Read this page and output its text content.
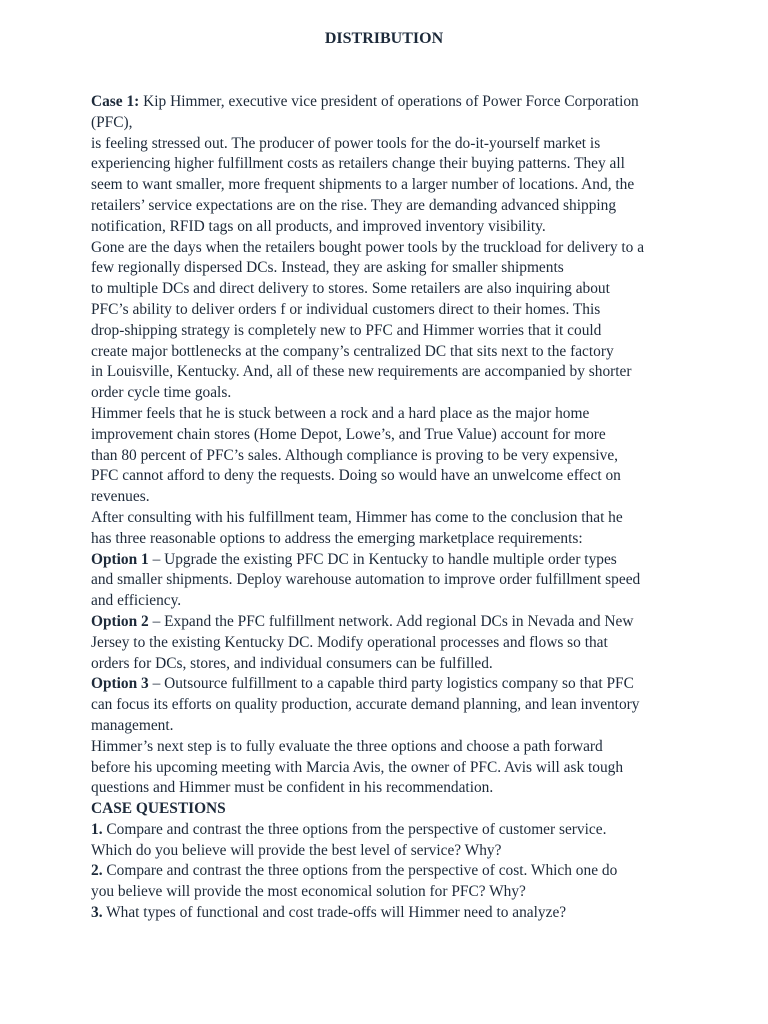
DISTRIBUTION
Case 1: Kip Himmer, executive vice president of operations of Power Force Corporation
(PFC),
is feeling stressed out. The producer of power tools for the do-it-yourself market is
experiencing higher fulfillment costs as retailers change their buying patterns. They all
seem to want smaller, more frequent shipments to a larger number of locations. And, the
retailers’ service expectations are on the rise. They are demanding advanced shipping
notification, RFID tags on all products, and improved inventory visibility.
Gone are the days when the retailers bought power tools by the truckload for delivery to a
few regionally dispersed DCs. Instead, they are asking for smaller shipments
to multiple DCs and direct delivery to stores. Some retailers are also inquiring about
PFC’s ability to deliver orders f or individual customers direct to their homes. This
drop-shipping strategy is completely new to PFC and Himmer worries that it could
create major bottlenecks at the company’s centralized DC that sits next to the factory
in Louisville, Kentucky. And, all of these new requirements are accompanied by shorter
order cycle time goals.
Himmer feels that he is stuck between a rock and a hard place as the major home
improvement chain stores (Home Depot, Lowe’s, and True Value) account for more
than 80 percent of PFC’s sales. Although compliance is proving to be very expensive,
PFC cannot afford to deny the requests. Doing so would have an unwelcome effect on
revenues.
After consulting with his fulfillment team, Himmer has come to the conclusion that he
has three reasonable options to address the emerging marketplace requirements:
Option 1 – Upgrade the existing PFC DC in Kentucky to handle multiple order types
and smaller shipments. Deploy warehouse automation to improve order fulfillment speed
and efficiency.
Option 2 – Expand the PFC fulfillment network. Add regional DCs in Nevada and New
Jersey to the existing Kentucky DC. Modify operational processes and flows so that
orders for DCs, stores, and individual consumers can be fulfilled.
Option 3 – Outsource fulfillment to a capable third party logistics company so that PFC
can focus its efforts on quality production, accurate demand planning, and lean inventory
management.
Himmer’s next step is to fully evaluate the three options and choose a path forward
before his upcoming meeting with Marcia Avis, the owner of PFC. Avis will ask tough
questions and Himmer must be confident in his recommendation.
CASE QUESTIONS
1. Compare and contrast the three options from the perspective of customer service.
Which do you believe will provide the best level of service? Why?
2. Compare and contrast the three options from the perspective of cost. Which one do
you believe will provide the most economical solution for PFC? Why?
3. What types of functional and cost trade-offs will Himmer need to analyze?
